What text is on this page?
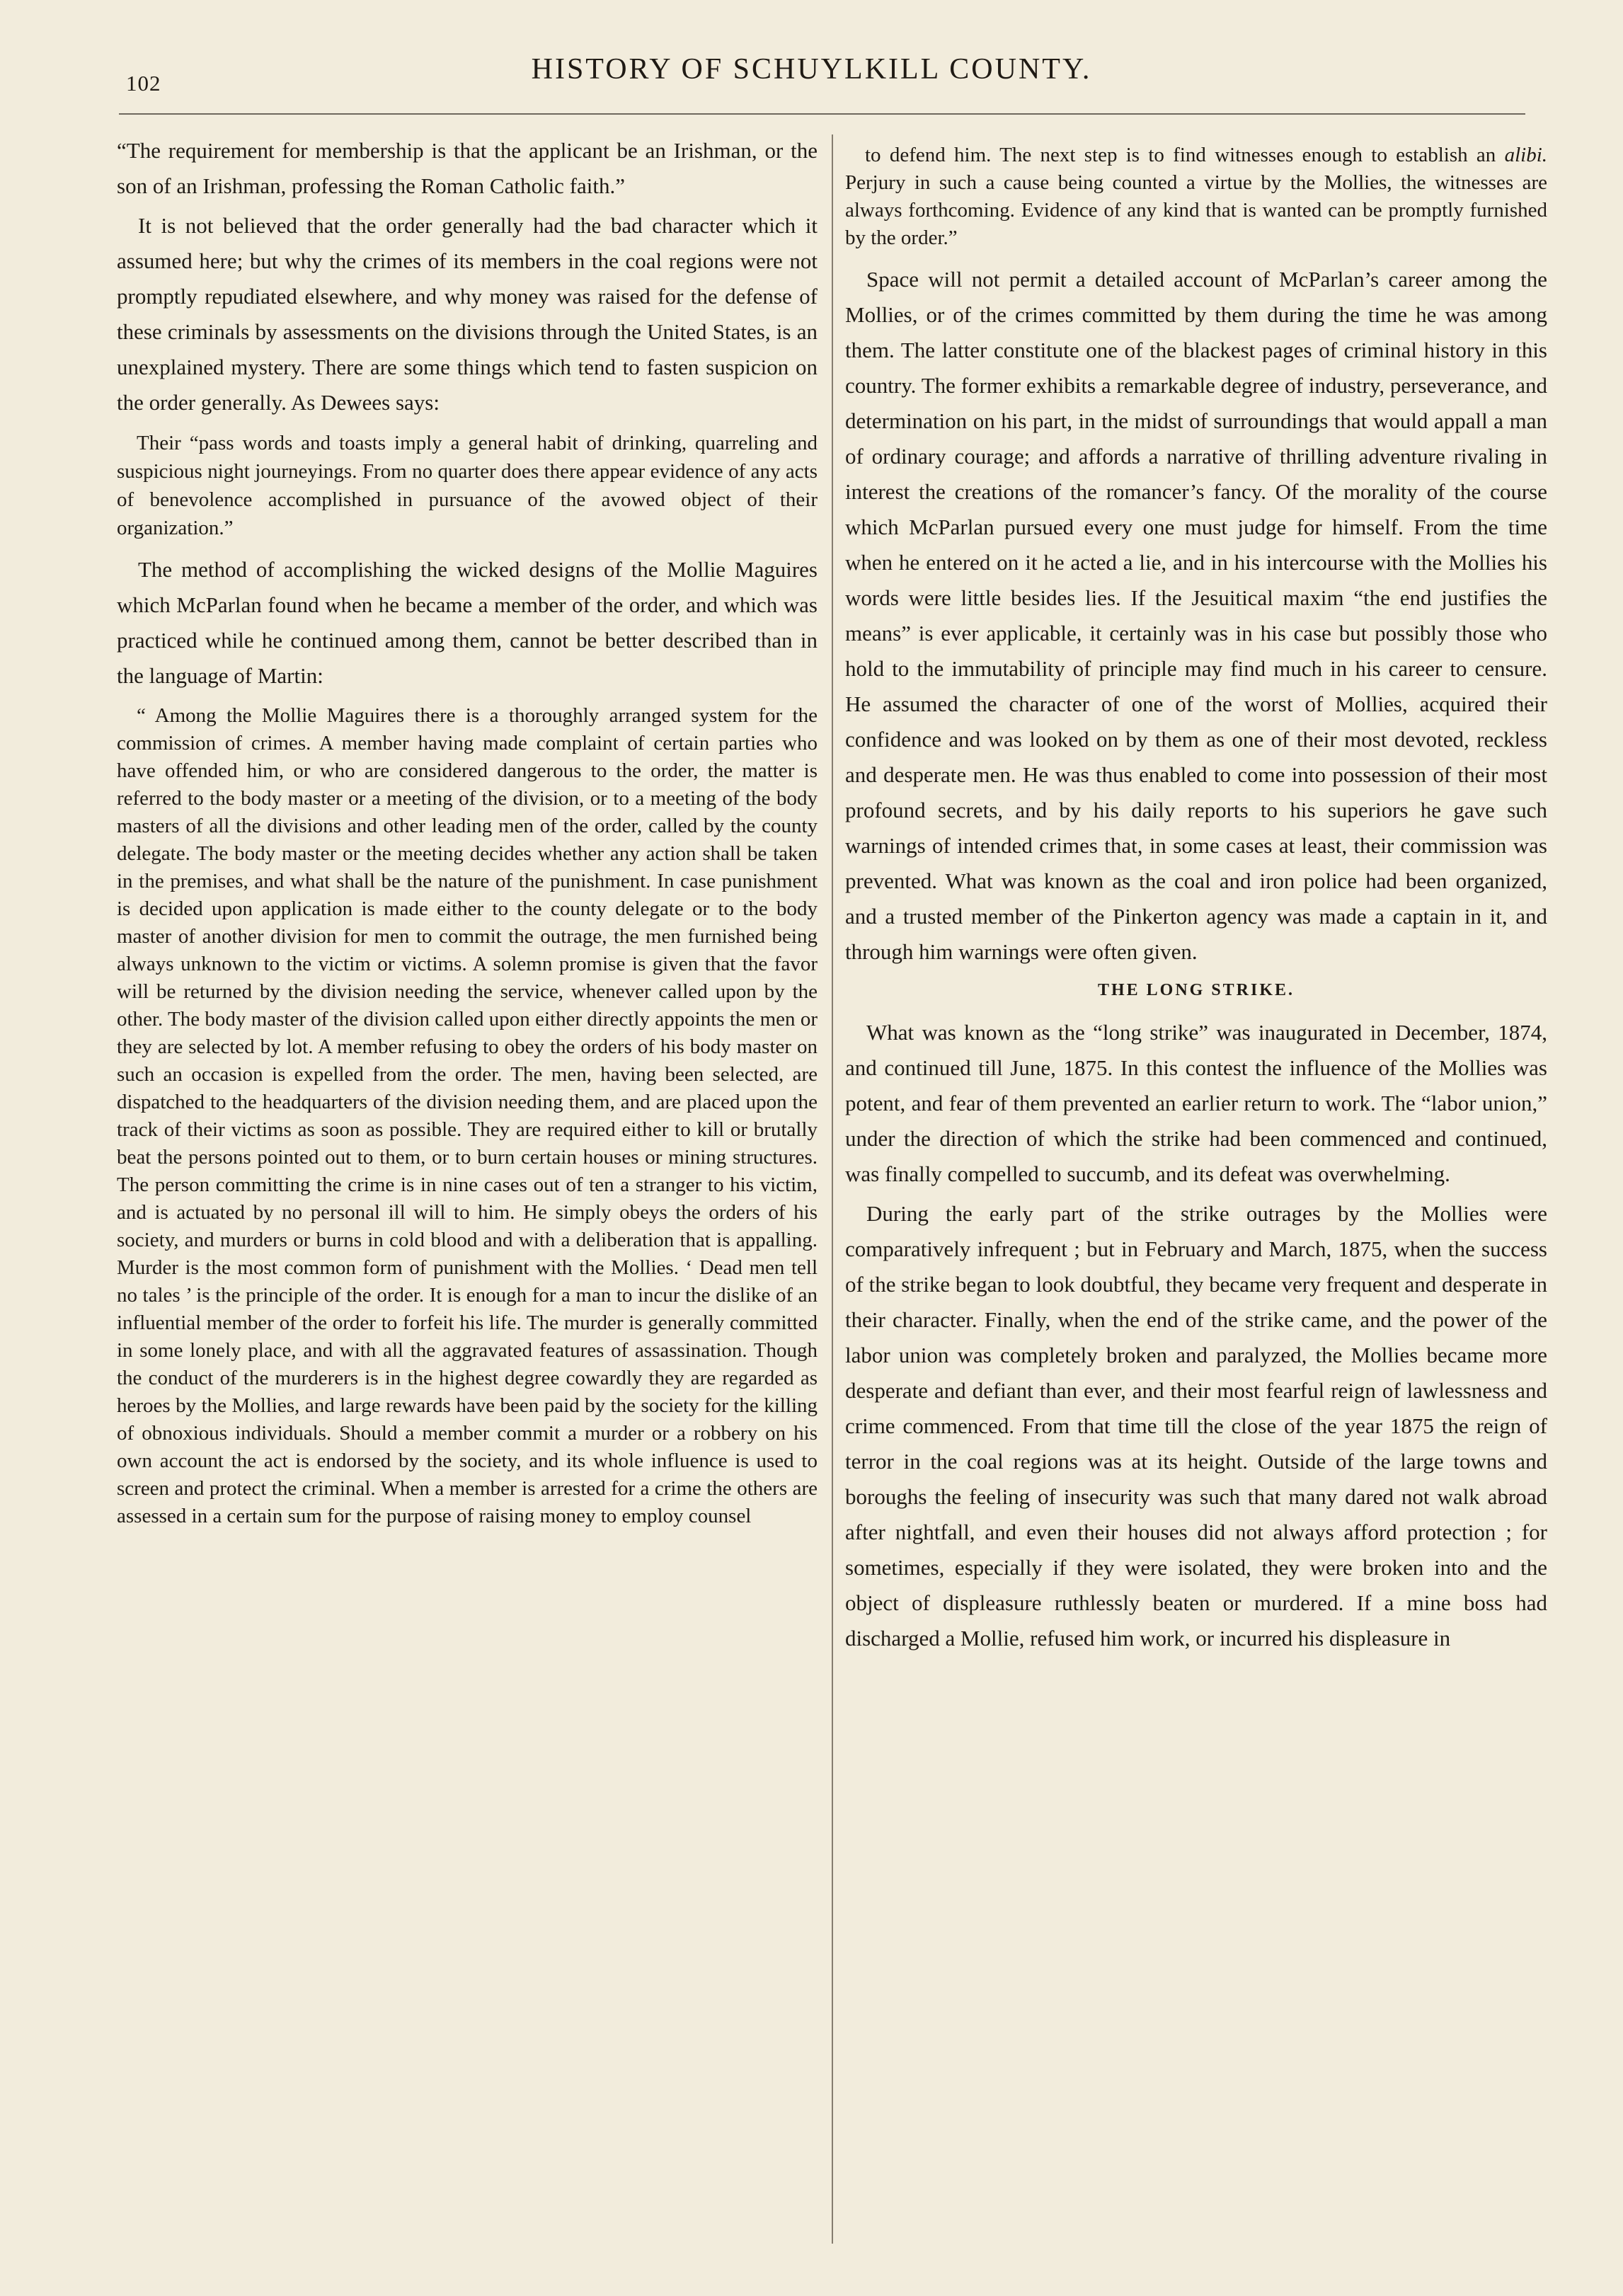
102	HISTORY OF SCHUYLKILL COUNTY.

“The requirement for membership is that the applicant be an Irishman, or the son of an Irishman, professing the Roman Catholic faith.”

It is not believed that the order generally had the bad character which it assumed here; but why the crimes of its members in the coal regions were not promptly repudiated elsewhere, and why money was raised for the defense of these criminals by assessments on the divisions through the United States, is an unexplained mystery. There are some things which tend to fasten suspicion on the order generally. As Dewees says:

Their “pass words and toasts imply a general habit of drinking, quarreling and suspicious night journeyings. From no quarter does there appear evidence of any acts of benevolence accomplished in pursuance of the avowed object of their organization.”

The method of accomplishing the wicked designs of the Mollie Maguires which McParlan found when he became a member of the order, and which was practiced while he continued among them, cannot be better described than in the language of Martin:

“ Among the Mollie Maguires there is a thoroughly arranged system for the commission of crimes. A member having made complaint of certain parties who have offended him, or who are considered dangerous to the order, the matter is referred to the body master or a meeting of the division, or to a meeting of the body masters of all the divisions and other leading men of the order, called by the county delegate. The body master or the meeting decides whether any action shall be taken in the premises, and what shall be the nature of the punishment. In case punishment is decided upon application is made either to the county delegate or to the body master of another division for men to commit the outrage, the men furnished being always unknown to the victim or victims. A solemn promise is given that the favor will be returned by the division needing the service, whenever called upon by the other. The body master of the division called upon either directly appoints the men or they are selected by lot. A member refusing to obey the orders of his body master on such an occasion is expelled from the order. The men, having been selected, are dispatched to the headquarters of the division needing them, and are placed upon the track of their victims as soon as possible. They are required either to kill or brutally beat the persons pointed out to them, or to burn certain houses or mining structures. The person committing the crime is in nine cases out of ten a stranger to his victim, and is actuated by no personal ill will to him. He simply obeys the orders of his society, and murders or burns in cold blood and with a deliberation that is appalling. Murder is the most common form of punishment with the Mollies. ‘ Dead men tell no tales ’ is the principle of the order. It is enough for a man to incur the dislike of an influential member of the order to forfeit his life. The murder is generally committed in some lonely place, and with all the aggravated features of assassination. Though the conduct of the murderers is in the highest degree cowardly they are regarded as heroes by the Mollies, and large rewards have been paid by the society for the killing of obnoxious individuals. Should a member commit a murder or a robbery on his own account the act is endorsed by the society, and its whole influence is used to screen and protect the criminal. When a member is arrested for a crime the others are assessed in a certain sum for the purpose of raising money to employ counsel

to defend him. The next step is to find witnesses enough to establish an alibi. Perjury in such a cause being counted a virtue by the Mollies, the witnesses are always forthcoming. Evidence of any kind that is wanted can be promptly furnished by the order.”

Space will not permit a detailed account of McParlan’s career among the Mollies, or of the crimes committed by them during the time he was among them. The latter constitute one of the blackest pages of criminal history in this country. The former exhibits a remarkable degree of industry, perseverance, and determination on his part, in the midst of surroundings that would appall a man of ordinary courage; and affords a narrative of thrilling adventure rivaling in interest the creations of the romancer’s fancy. Of the morality of the course which McParlan pursued every one must judge for himself. From the time when he entered on it he acted a lie, and in his intercourse with the Mollies his words were little besides lies. If the Jesuitical maxim “the end justifies the means” is ever applicable, it certainly was in his case but possibly those who hold to the immutability of principle may find much in his career to censure. He assumed the character of one of the worst of Mollies, acquired their confidence and was looked on by them as one of their most devoted, reckless and desperate men. He was thus enabled to come into possession of their most profound secrets, and by his daily reports to his superiors he gave such warnings of intended crimes that, in some cases at least, their commission was prevented. What was known as the coal and iron police had been organized, and a trusted member of the Pinkerton agency was made a captain in it, and through him warnings were often given.

THE LONG STRIKE.

What was known as the “long strike” was inaugurated in December, 1874, and continued till June, 1875. In this contest the influence of the Mollies was potent, and fear of them prevented an earlier return to work. The “labor union,” under the direction of which the strike had been commenced and continued, was finally compelled to succumb, and its defeat was overwhelming.

During the early part of the strike outrages by the Mollies were comparatively infrequent ; but in February and March, 1875, when the success of the strike began to look doubtful, they became very frequent and desperate in their character. Finally, when the end of the strike came, and the power of the labor union was completely broken and paralyzed, the Mollies became more desperate and defiant than ever, and their most fearful reign of lawlessness and crime commenced. From that time till the close of the year 1875 the reign of terror in the coal regions was at its height. Outside of the large towns and boroughs the feeling of insecurity was such that many dared not walk abroad after nightfall, and even their houses did not always afford protection ; for sometimes, especially if they were isolated, they were broken into and the object of displeasure ruthlessly beaten or murdered. If a mine boss had discharged a Mollie, refused him work, or incurred his displeasure in
